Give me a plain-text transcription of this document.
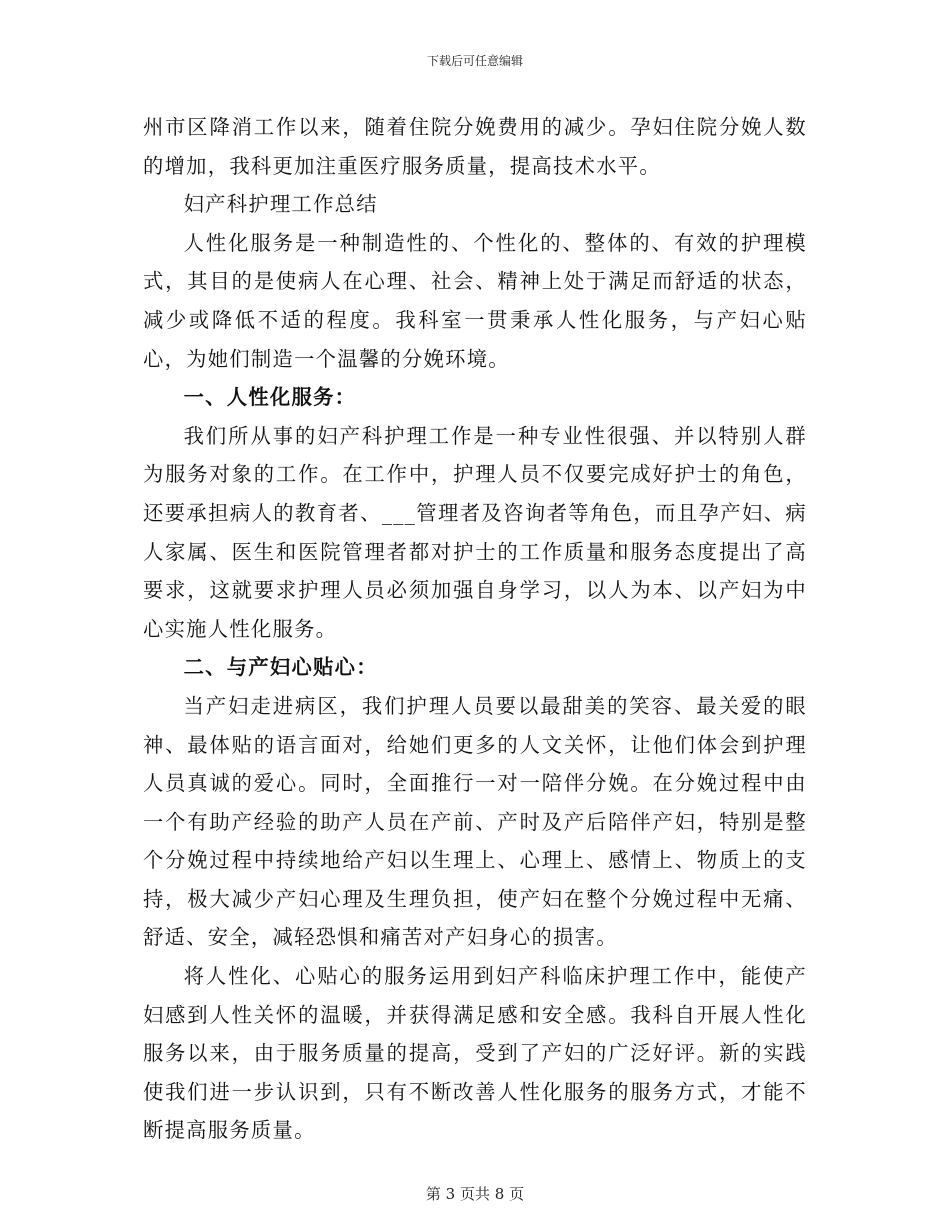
下载后可任意编辑

州市区降消工作以来，随着住院分娩费用的减少。孕妇住院分娩人数的增加，我科更加注重医疗服务质量，提高技术水平。

妇产科护理工作总结

人性化服务是一种制造性的、个性化的、整体的、有效的护理模式，其目的是使病人在心理、社会、精神上处于满足而舒适的状态，减少或降低不适的程度。我科室一贯秉承人性化服务，与产妇心贴心，为她们制造一个温馨的分娩环境。

一、人性化服务：

我们所从事的妇产科护理工作是一种专业性很强、并以特别人群为服务对象的工作。在工作中，护理人员不仅要完成好护士的角色，还要承担病人的教育者、___管理者及咨询者等角色，而且孕产妇、病人家属、医生和医院管理者都对护士的工作质量和服务态度提出了高要求，这就要求护理人员必须加强自身学习，以人为本、以产妇为中心实施人性化服务。

二、与产妇心贴心：

当产妇走进病区，我们护理人员要以最甜美的笑容、最关爱的眼神、最体贴的语言面对，给她们更多的人文关怀，让他们体会到护理人员真诚的爱心。同时，全面推行一对一陪伴分娩。在分娩过程中由一个有助产经验的助产人员在产前、产时及产后陪伴产妇，特别是整个分娩过程中持续地给产妇以生理上、心理上、感情上、物质上的支持，极大减少产妇心理及生理负担，使产妇在整个分娩过程中无痛、舒适、安全，减轻恐惧和痛苦对产妇身心的损害。

将人性化、心贴心的服务运用到妇产科临床护理工作中，能使产妇感到人性关怀的温暖，并获得满足感和安全感。我科自开展人性化服务以来，由于服务质量的提高，受到了产妇的广泛好评。新的实践使我们进一步认识到，只有不断改善人性化服务的服务方式，才能不断提高服务质量。

第 3 页共 8 页
